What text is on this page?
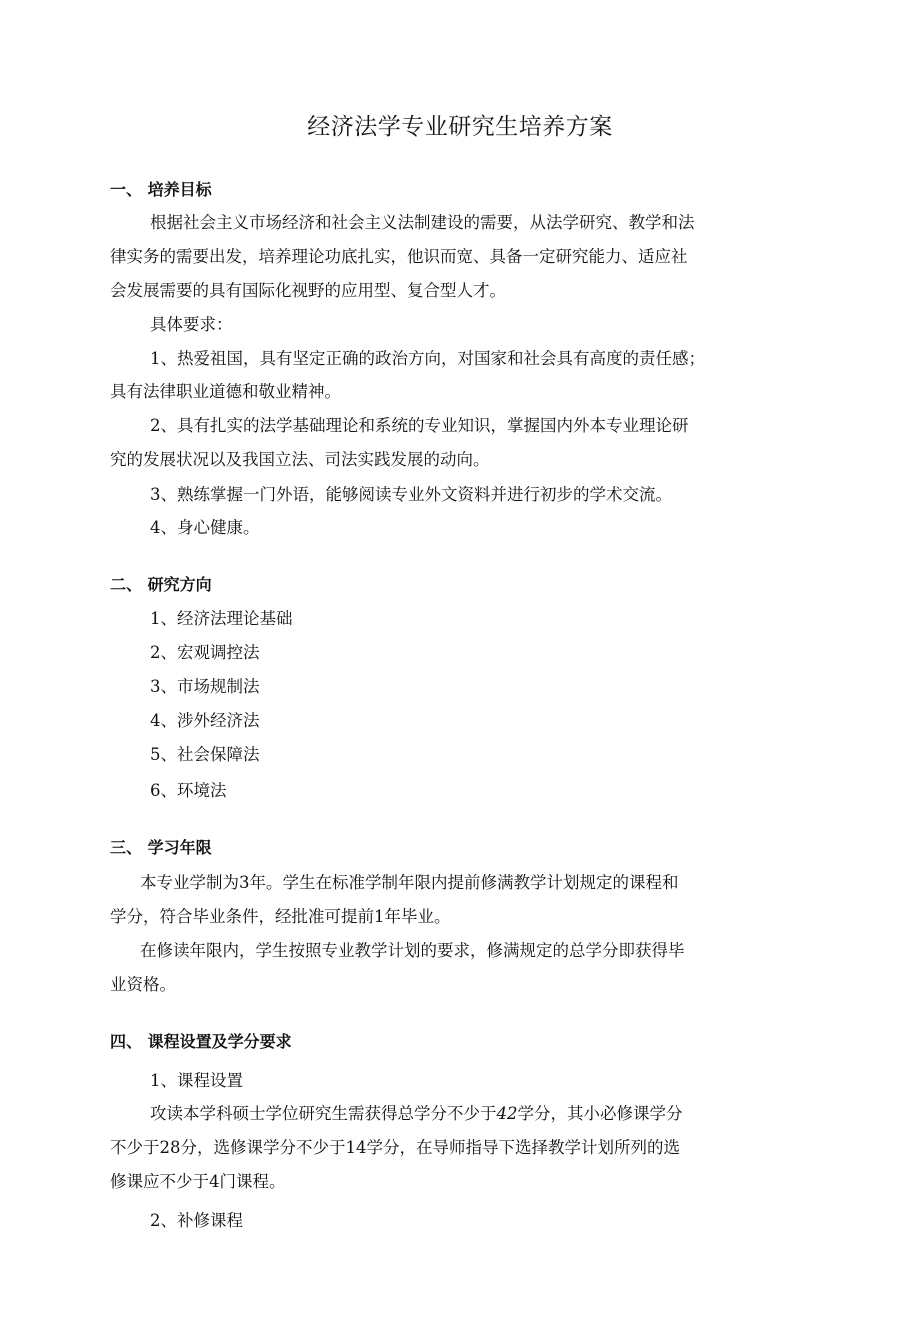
经济法学专业研究生培养方案
一、 培养目标
根据社会主义市场经济和社会主义法制建设的需要，从法学研究、教学和法
律实务的需要出发，培养理论功底扎实，他识而宽、具备一定研究能力、适应社
会发展需要的具有国际化视野的应用型、复合型人才。
具体要求：
1、热爱祖国，具有坚定正确的政治方向，对国家和社会具有高度的责任感；
具有法律职业道德和敬业精神。
2、具有扎实的法学基础理论和系统的专业知识，掌握国内外本专业理论研
究的发展状况以及我国立法、司法实践发展的动向。
3、熟练掌握一门外语，能够阅读专业外文资料并进行初步的学术交流。
4、身心健康。
二、 研究方向
1、经济法理论基础
2、宏观调控法
3、市场规制法
4、涉外经济法
5、社会保障法
6、环境法
三、 学习年限
本专业学制为3年。学生在标准学制年限内提前修满教学计划规定的课程和
学分，符合毕业条件，经批准可提前1年毕业。
在修读年限内，学生按照专业教学计划的要求，修满规定的总学分即获得毕
业资格。
四、 课程设置及学分要求
1、课程设置
攻读本学科硕士学位研究生需获得总学分不少于42学分，其小必修课学分
不少于28分，选修课学分不少于14学分，在导师指导下选择教学计划所列的选
修课应不少于4门课程。
2、补修课程
